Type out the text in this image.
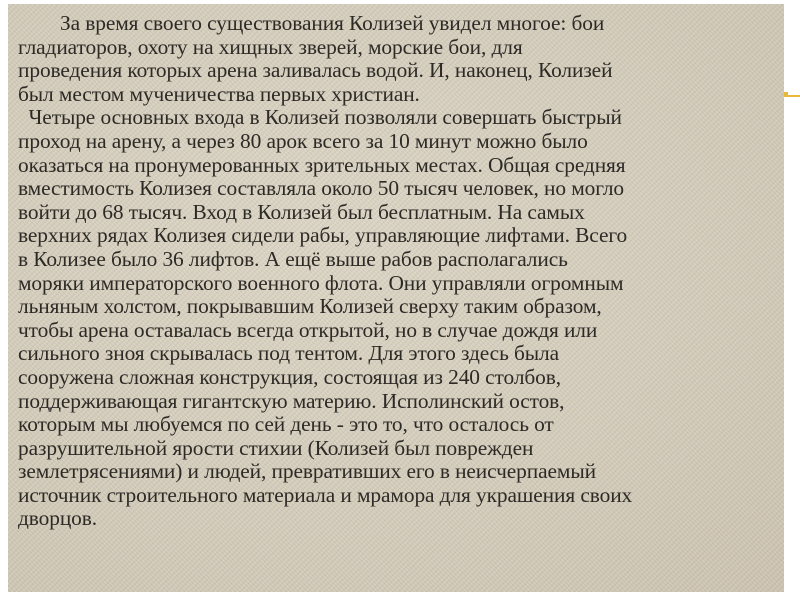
За время своего существования Колизей увидел многое: бои
гладиаторов, охоту на хищных зверей, морские бои, для
проведения которых арена заливалась водой. И, наконец, Колизей
был местом мученичества первых христиан.

Четыре основных входа в Колизей позволяли совершать быстрый
проход на арену, а через 80 арок всего за 10 минут можно было
оказаться на пронумерованных зрительных местах. Общая средняя
вместимость Колизея составляла около 50 тысяч человек, но могло
войти до 68 тысяч. Вход в Колизей был бесплатным. На самых
верхних рядах Колизея сидели рабы, управляющие лифтами. Всего
в Колизее было 36 лифтов. А ещё выше рабов располагались
моряки императорского военного флота. Они управляли огромным
льняным холстом, покрывавшим Колизей сверху таким образом,
чтобы арена оставалась всегда открытой, но в случае дождя или
сильного зноя скрывалась под тентом. Для этого здесь была
сооружена сложная конструкция, состоящая из 240 столбов,
поддерживающая гигантскую материю. Исполинский остов,
которым мы любуемся по сей день - это то, что осталось от
разрушительной ярости стихии (Колизей был поврежден
землетрясениями) и людей, превративших его в неисчерпаемый
источник строительного материала и мрамора для украшения своих
дворцов.
